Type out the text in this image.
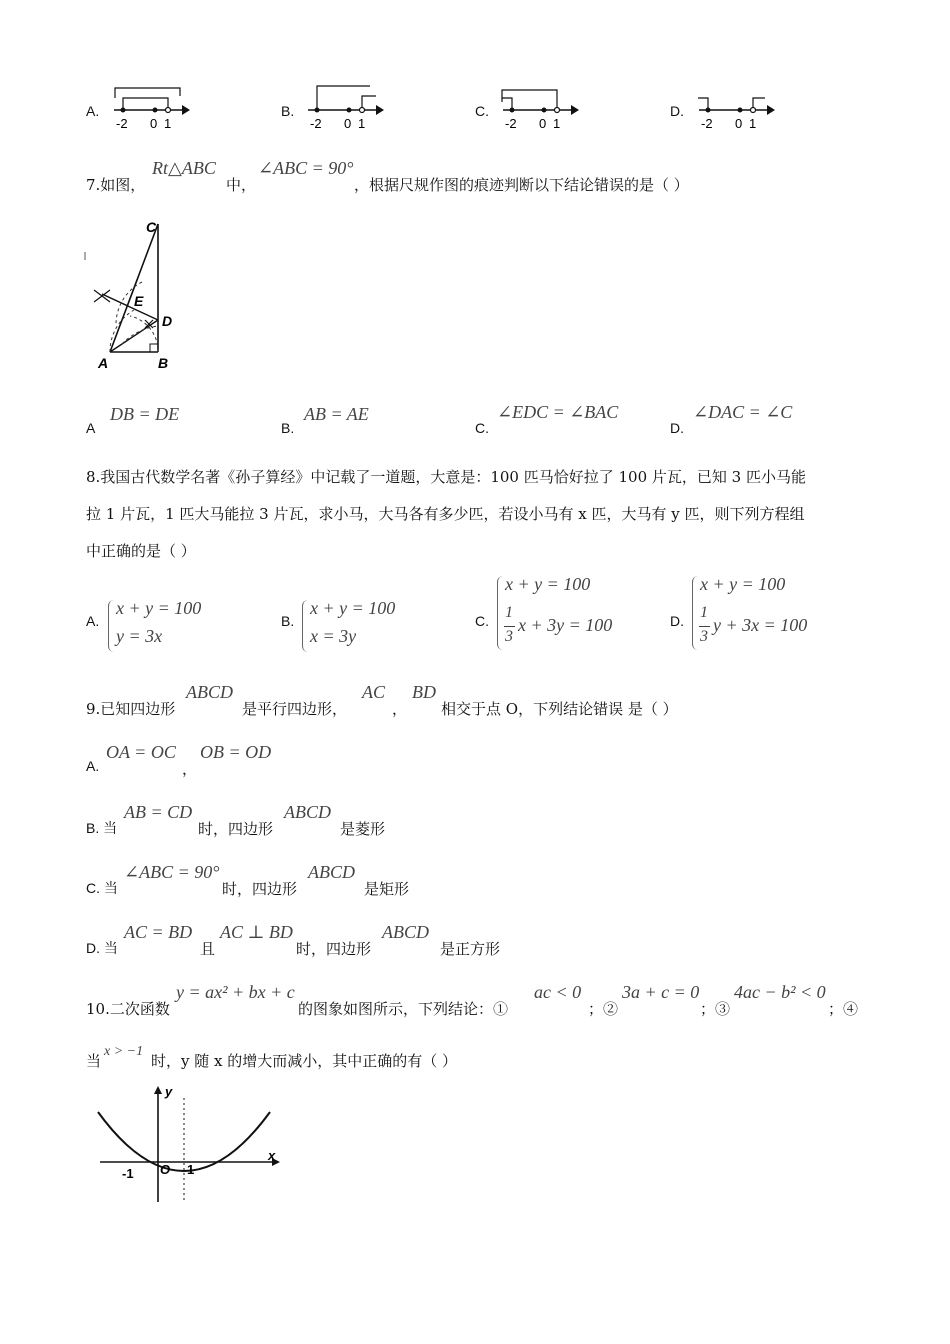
A.
-2 0 1
B.
-2 0 1
C.
-2 0 1
D.
-2 0 1
7.如图，
Rt△ABC
中，
∠ABC = 90°
，根据尺规作图的痕迹判断以下结论错误的是（ ）
C
E
D
A	B
A
DB = DE
B.
AB = AE
C.
∠EDC = ∠BAC
D.
∠DAC = ∠C
8.我国古代数学名著《孙子算经》中记载了一道题，大意是：100 匹马恰好拉了 100 片瓦，已知 3 匹小马能
拉 1 片瓦，1 匹大马能拉 3 片瓦，求小马，大马各有多少匹，若设小马有 x 匹，大马有 y 匹，则下列方程组
中正确的是（ ）
A.
x + y = 100
y = 3x
B.
x + y = 100
x = 3y
C.
x + y = 100
1
3
x + 3y = 100	D.
x + y = 100
1
3
y + 3x = 100
9.已知四边形
ABCD
是平行四边形，
AC
，
BD
相交于点 O，下列结论错误 是（ ）
A.
OA = OC
，
OB = OD
B. 当
AB = CD
时，四边形
ABCD
是菱形
C. 当
∠ABC = 90°
时，四边形
ABCD
是矩形
D. 当
AC = BD
且
AC ⊥ BD
时，四边形
ABCD
是正方形
10.二次函数
y = ax² + bx + c
的图象如图所示，下列结论：①
ac < 0
；②
3a + c = 0
；③
4ac − b² < 0
；④
当
x > −1
时，y 随 x 的增大而减小，其中正确的有（ ）
y
x
O
-1	1
